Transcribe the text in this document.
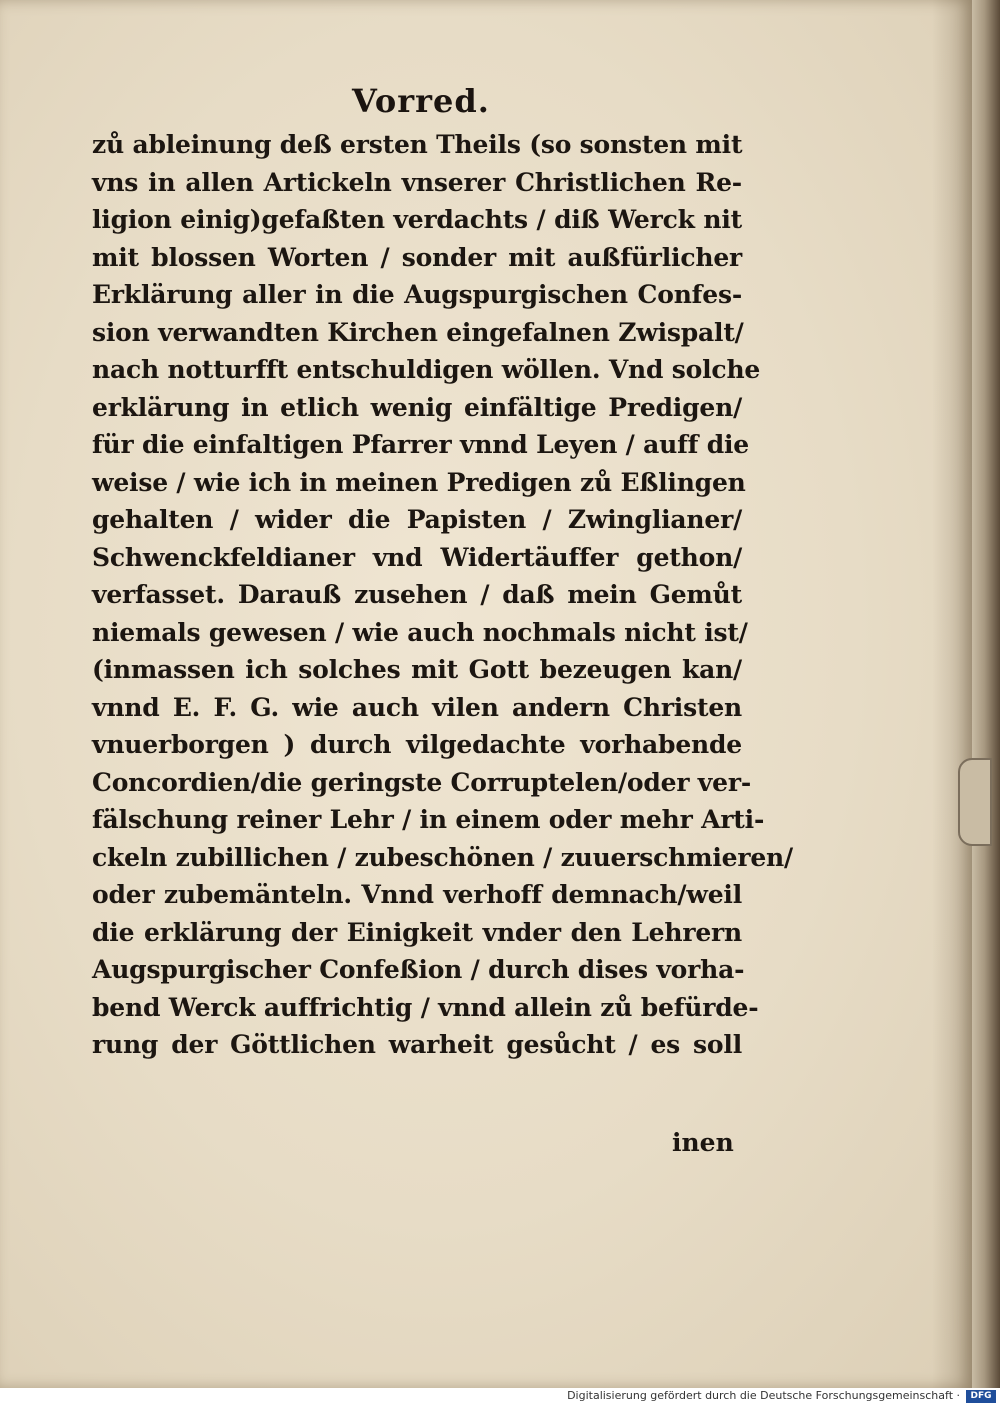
Vorred.
zů ableinung deß ersten Theils (so sonsten mit
vns in allen Artickeln vnserer Christlichen Re-
ligion einig)gefaßten verdachts / diß Werck nit
mit blossen Worten / sonder mit außfürlicher
Erklärung aller in die Augspurgischen Confes-
sion verwandten Kirchen eingefalnen Zwispalt/
nach notturfft entschuldigen wöllen. Vnd solche
erklärung in etlich wenig einfältige Predigen/
für die einfaltigen Pfarrer vnnd Leyen / auff die
weise / wie ich in meinen Predigen zů Eßlingen
gehalten / wider die Papisten / Zwinglianer/
Schwenckfeldianer vnd Widertäuffer gethon/
verfasset. Darauß zusehen / daß mein Gemůt
niemals gewesen / wie auch nochmals nicht ist/
(inmassen ich solches mit Gott bezeugen kan/
vnnd E. F. G. wie auch vilen andern Christen
vnuerborgen ) durch vilgedachte vorhabende
Concordien/die geringste Corruptelen/oder ver-
fälschung reiner Lehr / in einem oder mehr Arti-
ckeln zubillichen / zubeschönen / zuuerschmieren/
oder zubemänteln. Vnnd verhoff demnach/weil
die erklärung der Einigkeit vnder den Lehrern
Augspurgischer Confeßion / durch dises vorha-
bend Werck auffrichtig / vnnd allein zů befürde-
rung der Göttlichen warheit gesůcht / es soll
inen
Digitalisierung gefördert durch die Deutsche Forschungsgemeinschaft ·	DFG
